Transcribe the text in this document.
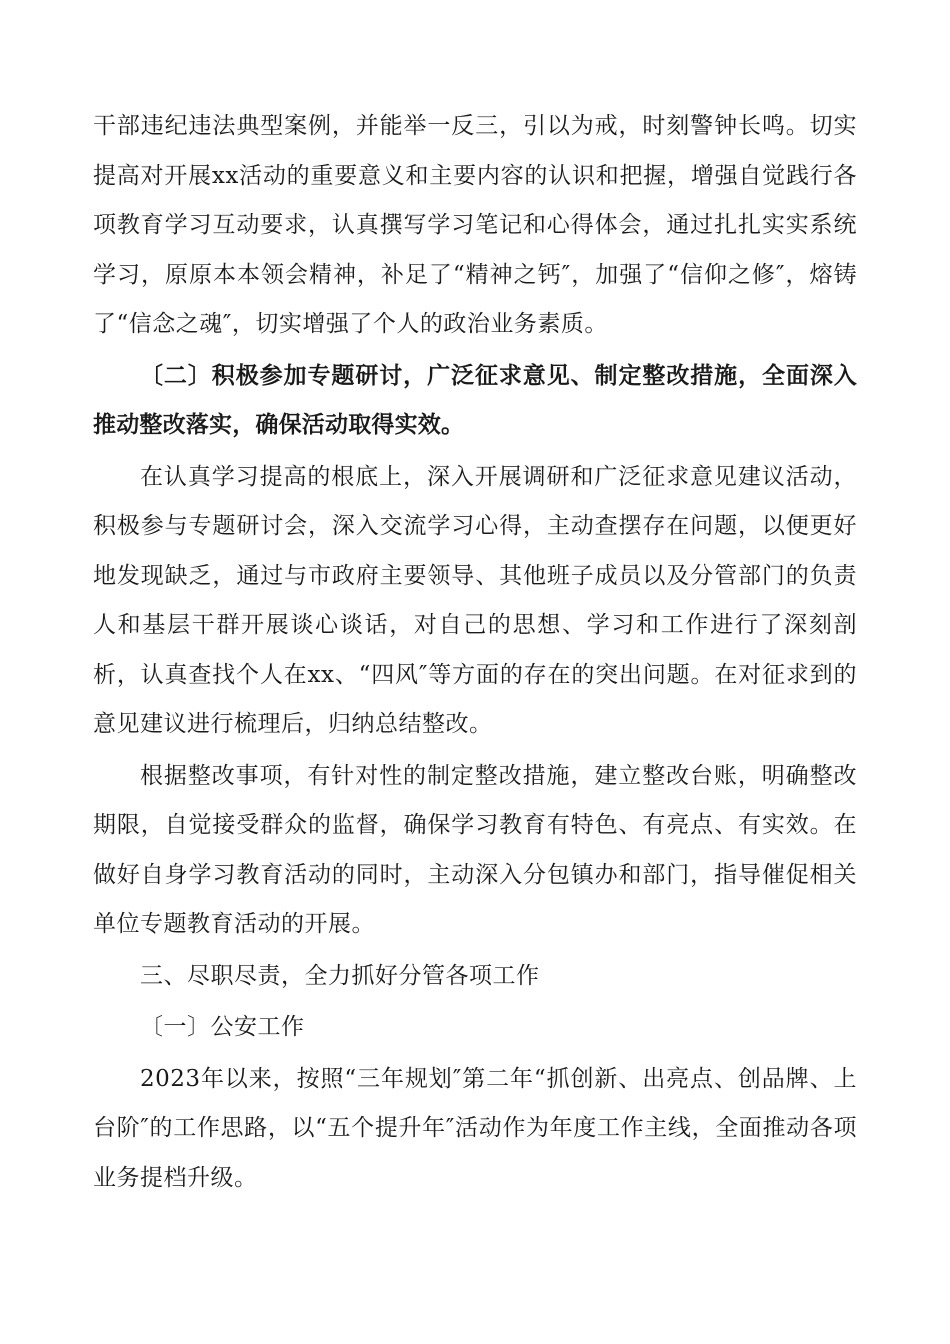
干部违纪违法典型案例，并能举一反三，引以为戒，时刻警钟长鸣。切实提高对开展xx活动的重要意义和主要内容的认识和把握，增强自觉践行各项教育学习互动要求，认真撰写学习笔记和心得体会，通过扎扎实实系统学习，原原本本领会精神，补足了“精神之钙″，加强了“信仰之修″，熔铸了“信念之魂″，切实增强了个人的政治业务素质。

〔二〕积极参加专题研讨，广泛征求意见、制定整改措施，全面深入推动整改落实，确保活动取得实效。

在认真学习提高的根底上，深入开展调研和广泛征求意见建议活动，积极参与专题研讨会，深入交流学习心得，主动查摆存在问题，以便更好地发现缺乏，通过与市政府主要领导、其他班子成员以及分管部门的负责人和基层干群开展谈心谈话，对自己的思想、学习和工作进行了深刻剖析，认真查找个人在xx、“四风″等方面的存在的突出问题。在对征求到的意见建议进行梳理后，归纳总结整改。

根据整改事项，有针对性的制定整改措施，建立整改台账，明确整改期限，自觉接受群众的监督，确保学习教育有特色、有亮点、有实效。在做好自身学习教育活动的同时，主动深入分包镇办和部门，指导催促相关单位专题教育活动的开展。

三、尽职尽责，全力抓好分管各项工作

〔一〕公安工作

2023年以来，按照“三年规划″第二年“抓创新、出亮点、创品牌、上台阶″的工作思路，以“五个提升年″活动作为年度工作主线，全面推动各项业务提档升级。
